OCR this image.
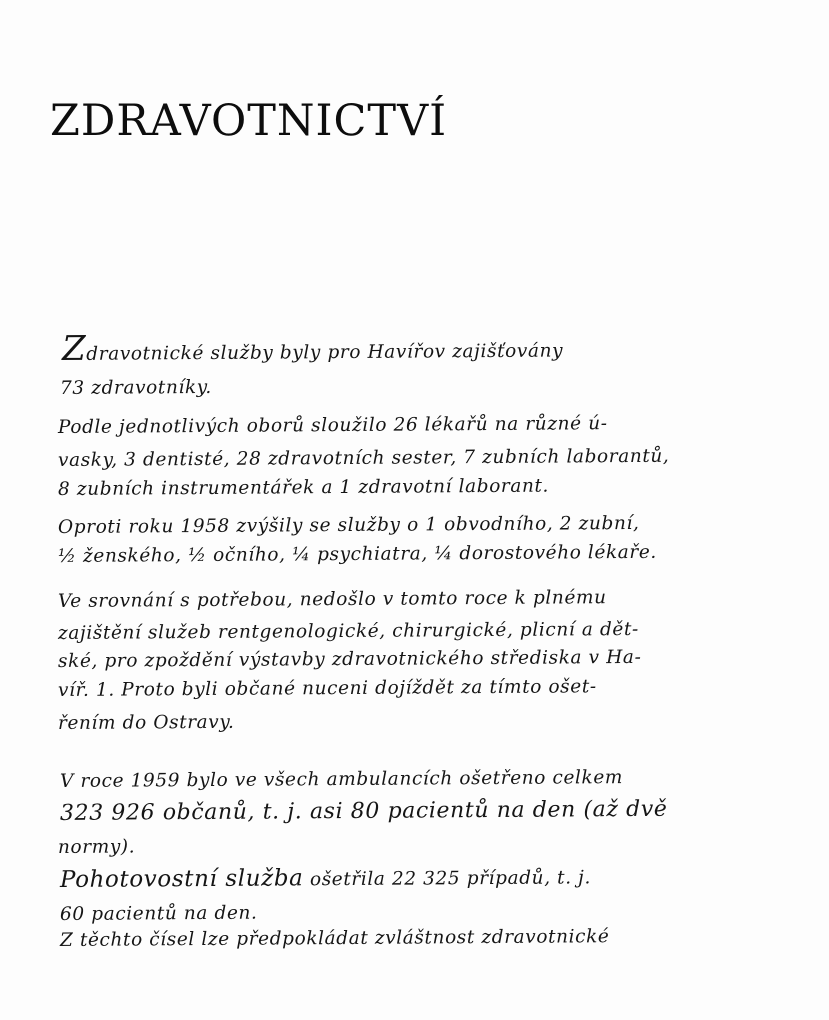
ZDRAVOTNICTVÍ
Zdravotnické služby byly pro Havířov zajišťovány
73 zdravotníky.
Podle jednotlivých oborů sloužilo 26 lékařů na různé ú-
vasky, 3 dentisté, 28 zdravotních sester, 7 zubních laborantů,
8 zubních instrumentářek a 1 zdravotní laborant.
Oproti roku 1958 zvýšily se služby o 1 obvodního, 2 zubní,
½ ženského, ½ očního, ¼ psychiatra, ¼ dorostového lékaře.
Ve srovnání s potřebou, nedošlo v tomto roce k plnému
zajištění služeb rentgenologické, chirurgické, plicní a dět-
ské, pro zpoždění výstavby zdravotnického střediska v Ha-
víř. 1. Proto byli občané nuceni dojíždět za tímto ošet-
řením do Ostravy.
V roce 1959 bylo ve všech ambulancích ošetřeno celkem
323 926 občanů, t. j. asi 80 pacientů na den (až dvě
normy).
Pohotovostní služba ošetřila 22 325 případů, t. j.
60 pacientů na den.
Z těchto čísel lze předpokládat zvláštnost zdravotnické
